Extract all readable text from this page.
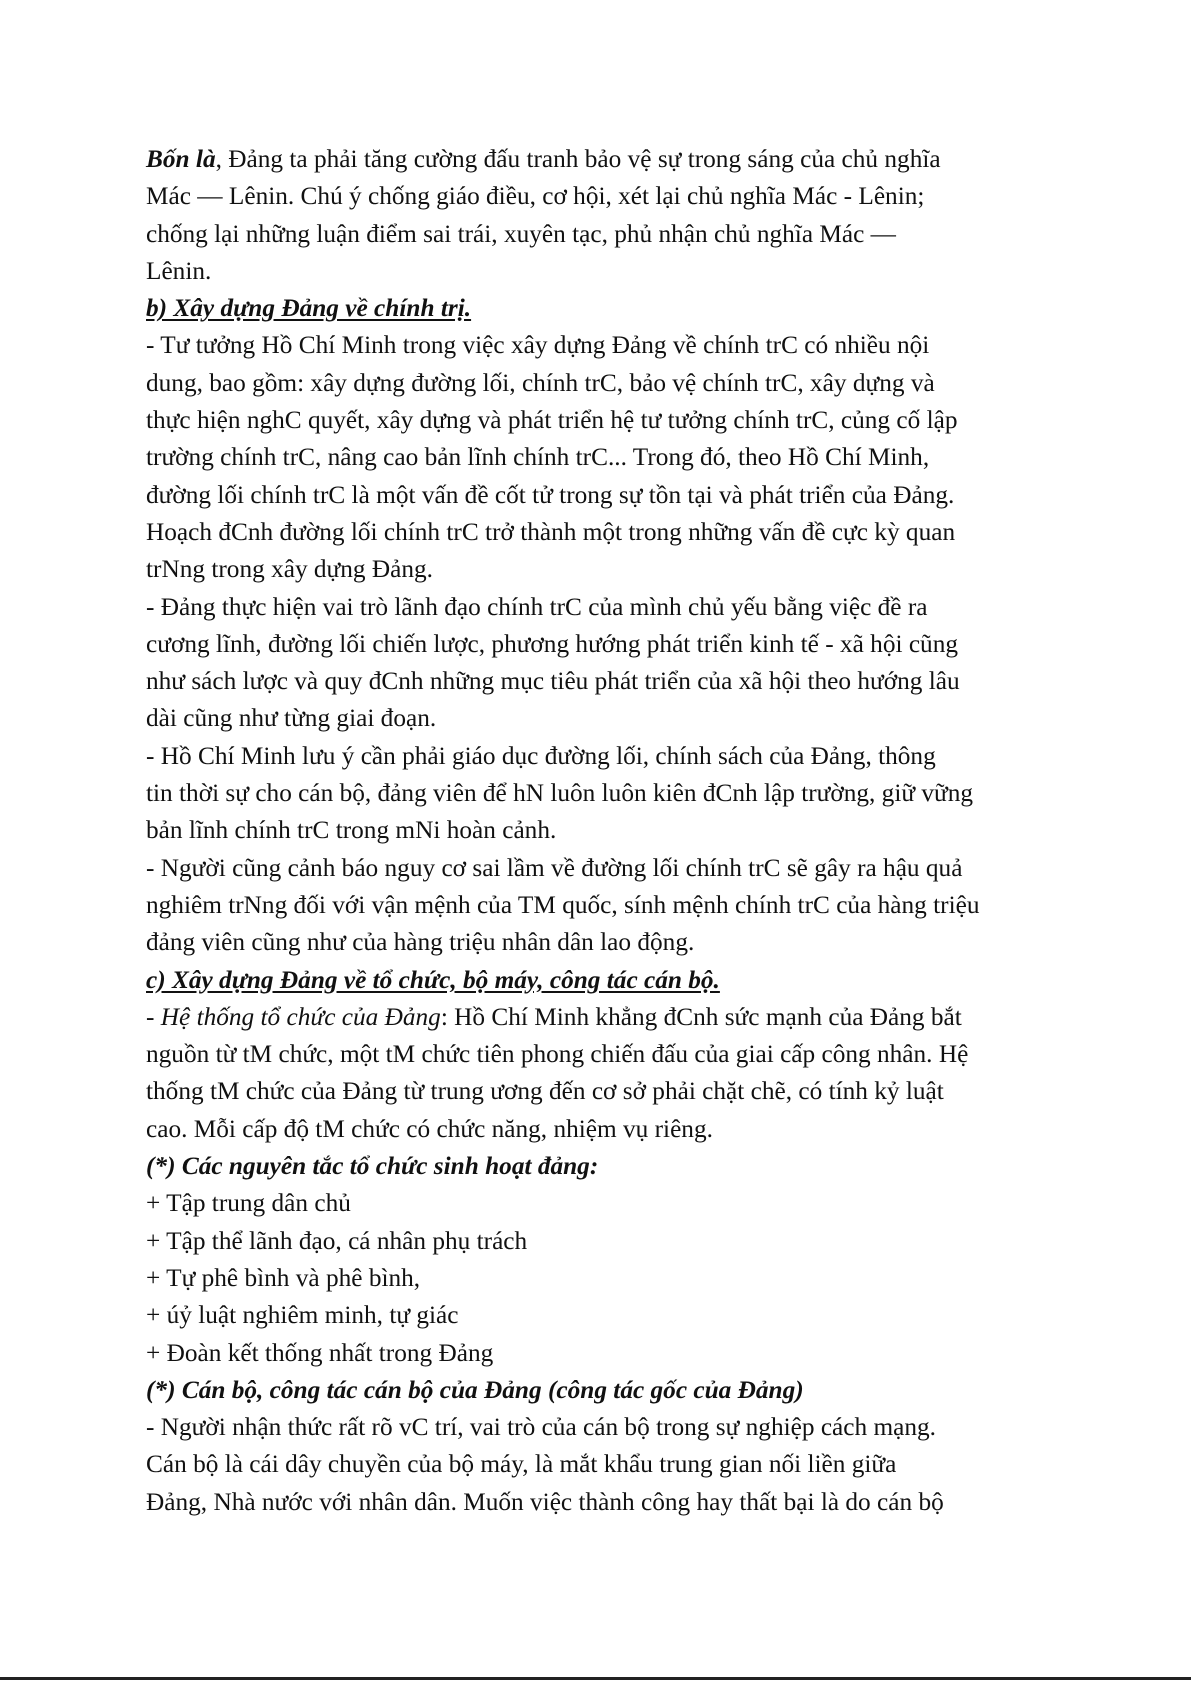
Bốn là, Đảng ta phải tăng cường đấu tranh bảo vệ sự trong sáng của chủ nghĩa
Mác — Lênin. Chú ý chống giáo điều, cơ hội, xét lại chủ nghĩa Mác - Lênin;
chống lại những luận điểm sai trái, xuyên tạc, phủ nhận chủ nghĩa Mác —
Lênin.
b) Xây dựng Đảng về chính trị.
- Tư tưởng Hồ Chí Minh trong việc xây dựng Đảng về chính trC có nhiều nội
dung, bao gồm: xây dựng đường lối, chính trC, bảo vệ chính trC, xây dựng và
thực hiện nghC quyết, xây dựng và phát triển hệ tư tưởng chính trC, củng cố lập
trường chính trC, nâng cao bản lĩnh chính trC... Trong đó, theo Hồ Chí Minh,
đường lối chính trC là một vấn đề cốt tử trong sự tồn tại và phát triển của Đảng.
Hoạch đCnh đường lối chính trC trở thành một trong những vấn đề cực kỳ quan
trNng trong xây dựng Đảng.
- Đảng thực hiện vai trò lãnh đạo chính trC của mình chủ yếu bằng việc đề ra
cương lĩnh, đường lối chiến lược, phương hướng phát triển kinh tế - xã hội cũng
như sách lược và quy đCnh những mục tiêu phát triển của xã hội theo hướng lâu
dài cũng như từng giai đoạn.
- Hồ Chí Minh lưu ý cần phải giáo dục đường lối, chính sách của Đảng, thông
tin thời sự cho cán bộ, đảng viên để hN luôn luôn kiên đCnh lập trường, giữ vững
bản lĩnh chính trC trong mNi hoàn cảnh.
- Người cũng cảnh báo nguy cơ sai lầm về đường lối chính trC sẽ gây ra hậu quả
nghiêm trNng đối với vận mệnh của TM quốc, sính mệnh chính trC của hàng triệu
đảng viên cũng như của hàng triệu nhân dân lao động.
c) Xây dựng Đảng về tổ chức, bộ máy, công tác cán bộ.
- Hệ thống tổ chức của Đảng: Hồ Chí Minh khẳng đCnh sức mạnh của Đảng bắt
nguồn từ tM chức, một tM chức tiên phong chiến đấu của giai cấp công nhân. Hệ
thống tM chức của Đảng từ trung ương đến cơ sở phải chặt chẽ, có tính kỷ luật
cao. Mỗi cấp độ tM chức có chức năng, nhiệm vụ riêng.
(*) Các nguyên tắc tổ chức sinh hoạt đảng:
+ Tập trung dân chủ
+ Tập thể lãnh đạo, cá nhân phụ trách
+ Tự phê bình và phê bình,
+ úỷ luật nghiêm minh, tự giác
+ Đoàn kết thống nhất trong Đảng
(*) Cán bộ, công tác cán bộ của Đảng (công tác gốc của Đảng)
- Người nhận thức rất rõ vC trí, vai trò của cán bộ trong sự nghiệp cách mạng.
Cán bộ là cái dây chuyền của bộ máy, là mắt khẩu trung gian nối liền giữa
Đảng, Nhà nước với nhân dân. Muốn việc thành công hay thất bại là do cán bộ
